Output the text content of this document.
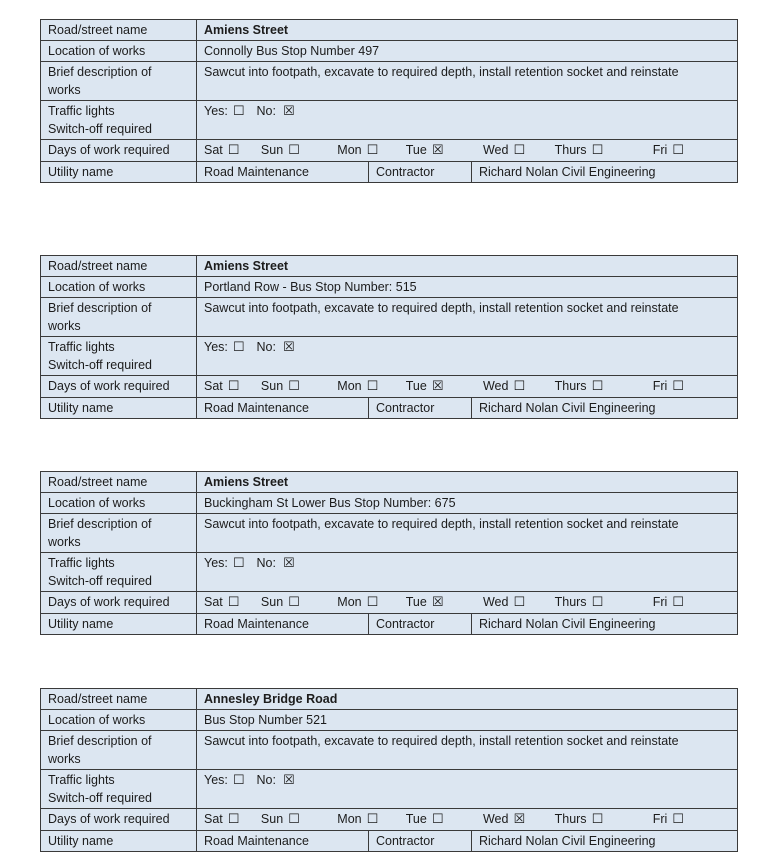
Road/street name	Amiens Street		
Location of works	Connolly Bus Stop Number 497		

Brief description of
works	Sawcut into footpath, excavate to required depth, install retention socket and reinstate		

Traffic lights
Switch-off required	Yes: ☐ No: ☒		
Days of work required	Sat ☐ Sun ☐ Mon ☐ Tue ☒ Wed ☐ Thurs ☐ Fri ☐		
Utility name	Road Maintenance	Contractor	Richard Nolan Civil Engineering
Road/street name	Amiens Street		
Location of works	Portland Row - Bus Stop Number: 515		

Brief description of
works	Sawcut into footpath, excavate to required depth, install retention socket and reinstate		

Traffic lights
Switch-off required	Yes: ☐ No: ☒		
Days of work required	Sat ☐ Sun ☐ Mon ☐ Tue ☒ Wed ☐ Thurs ☐ Fri ☐		
Utility name	Road Maintenance	Contractor	Richard Nolan Civil Engineering
Road/street name	Amiens Street		
Location of works	Buckingham St Lower Bus Stop Number: 675		

Brief description of
works	Sawcut into footpath, excavate to required depth, install retention socket and reinstate		

Traffic lights
Switch-off required	Yes: ☐ No: ☒		
Days of work required	Sat ☐ Sun ☐ Mon ☐ Tue ☒ Wed ☐ Thurs ☐ Fri ☐		
Utility name	Road Maintenance	Contractor	Richard Nolan Civil Engineering
Road/street name	Annesley Bridge Road		
Location of works	Bus Stop Number 521		

Brief description of
works	Sawcut into footpath, excavate to required depth, install retention socket and reinstate		

Traffic lights
Switch-off required	Yes: ☐ No: ☒		
Days of work required	Sat ☐ Sun ☐ Mon ☐ Tue ☐ Wed ☒ Thurs ☐ Fri ☐		
Utility name	Road Maintenance	Contractor	Richard Nolan Civil Engineering
